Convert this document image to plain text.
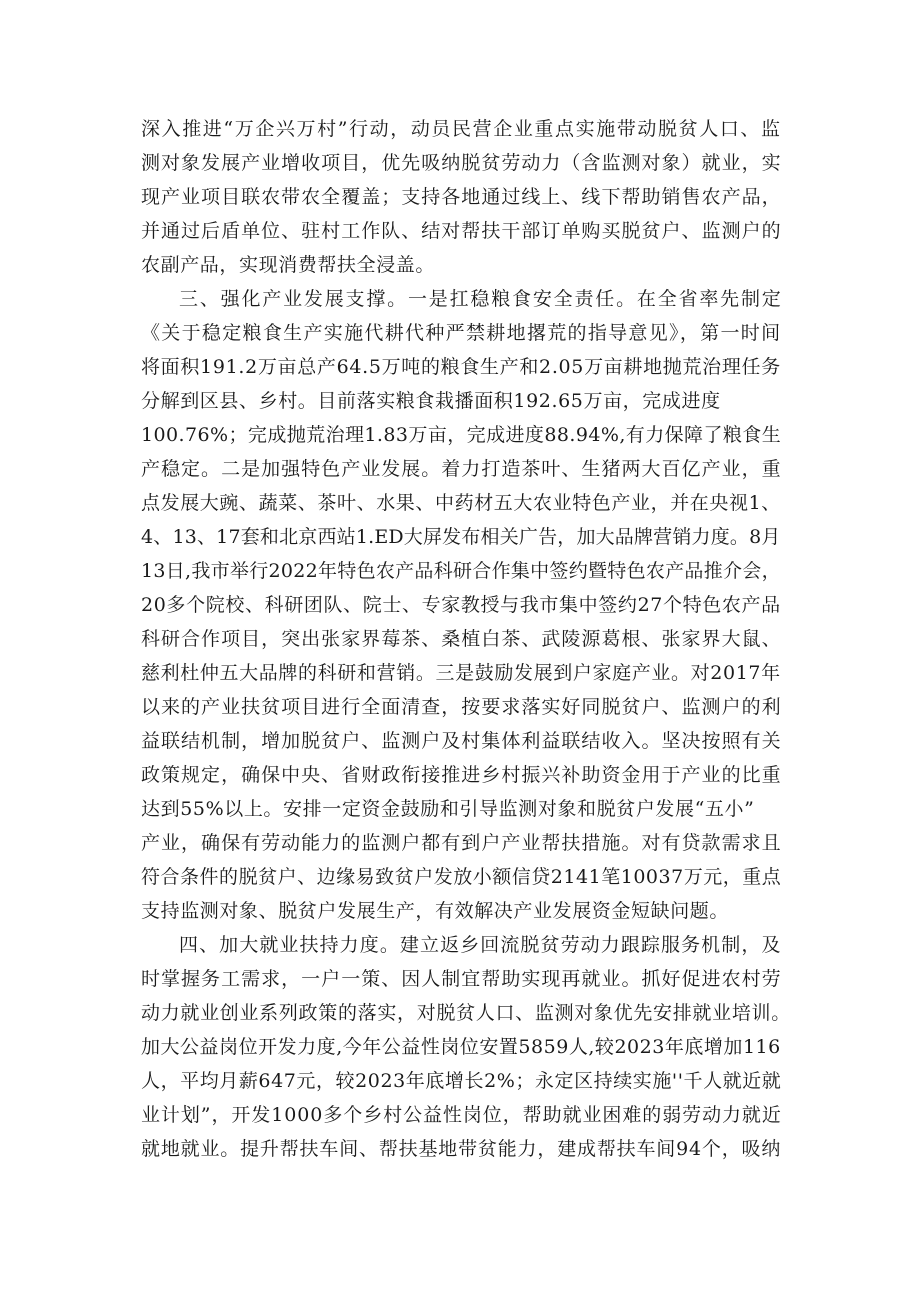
深入推进“万企兴万村”行动，动员民营企业重点实施带动脱贫人口、监
测对象发展产业增收项目，优先吸纳脱贫劳动力（含监测对象）就业，实
现产业项目联农带农全覆盖；支持各地通过线上、线下帮助销售农产品，
并通过后盾单位、驻村工作队、结对帮扶干部订单购买脱贫户、监测户的
农副产品，实现消费帮扶全浸盖。
三、强化产业发展支撑。一是扛稳粮食安全责任。在全省率先制定
《关于稳定粮食生产实施代耕代种严禁耕地撂荒的指导意见》，第一时间
将面积191.2万亩总产64.5万吨的粮食生产和2.05万亩耕地抛荒治理任务
分解到区县、乡村。目前落实粮食栽播面积192.65万亩，完成进度
100.76%；完成抛荒治理1.83万亩，完成进度88.94%,有力保障了粮食生
产稳定。二是加强特色产业发展。着力打造茶叶、生猪两大百亿产业，重
点发展大豌、蔬菜、茶叶、水果、中药材五大农业特色产业，并在央视1、
4、13、17套和北京西站1.ED大屏发布相关广告，加大品牌营销力度。8月
13日,我市举行2022年特色农产品科研合作集中签约暨特色农产品推介会，
20多个院校、科研团队、院士、专家教授与我市集中签约27个特色农产品
科研合作项目，突出张家界莓茶、桑植白茶、武陵源葛根、张家界大鼠、
慈利杜仲五大品牌的科研和营销。三是鼓励发展到户家庭产业。对2017年
以来的产业扶贫项目进行全面清查，按要求落实好同脱贫户、监测户的利
益联结机制，增加脱贫户、监测户及村集体利益联结收入。坚决按照有关
政策规定，确保中央、省财政衔接推进乡村振兴补助资金用于产业的比重
达到55%以上。安排一定资金鼓励和引导监测对象和脱贫户发展“五小”
产业，确保有劳动能力的监测户都有到户产业帮扶措施。对有贷款需求且
符合条件的脱贫户、边缘易致贫户发放小额信贷2141笔10037万元，重点
支持监测对象、脱贫户发展生产，有效解决产业发展资金短缺问题。
四、加大就业扶持力度。建立返乡回流脱贫劳动力跟踪服务机制，及
时掌握务工需求，一户一策、因人制宜帮助实现再就业。抓好促进农村劳
动力就业创业系列政策的落实，对脱贫人口、监测对象优先安排就业培训。
加大公益岗位开发力度,今年公益性岗位安置5859人,较2023年底增加116
人，平均月薪647元，较2023年底增长2%；永定区持续实施''千人就近就
业计划”，开发1000多个乡村公益性岗位，帮助就业困难的弱劳动力就近
就地就业。提升帮扶车间、帮扶基地带贫能力，建成帮扶车间94个，吸纳
